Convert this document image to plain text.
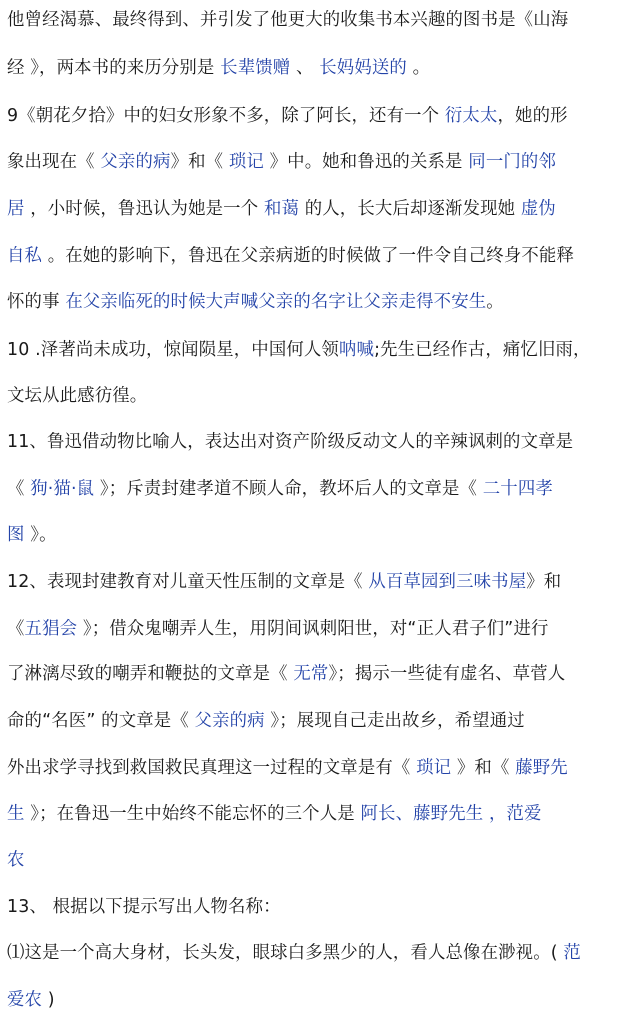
他曾经渴慕、最终得到、并引发了他更大的收集书本兴趣的图书是《山海
经 》，两本书的来历分别是 长辈馈赠 、 长妈妈送的 。
9《朝花夕拾》中的妇女形象不多，除了阿长，还有一个 衍太太，她的形
象出现在《 父亲的病》和《 琐记 》中。她和鲁迅的关系是 同一门的邻
居 ，小时候，鲁迅认为她是一个 和蔼 的人，长大后却逐渐发现她 虚伪
自私 。在她的影响下，鲁迅在父亲病逝的时候做了一件令自己终身不能释
怀的事 在父亲临死的时候大声喊父亲的名字让父亲走得不安生。
10 .泽著尚未成功，惊闻陨星，中国何人领呐喊;先生已经作古，痛忆旧雨，
文坛从此感彷徨。
11、鲁迅借动物比喻人，表达出对资产阶级反动文人的辛辣讽刺的文章是
《 狗·猫·鼠 》；斥责封建孝道不顾人命，教坏后人的文章是《 二十四孝
图 》。
12、表现封建教育对儿童天性压制的文章是《 从百草园到三味书屋》和
《五猖会 》；借众鬼嘲弄人生，用阴间讽刺阳世，对“正人君子们”进行
了淋漓尽致的嘲弄和鞭挞的文章是《 无常》；揭示一些徒有虚名、草菅人
命的“名医” 的文章是《 父亲的病 》；展现自己走出故乡，希望通过
外出求学寻找到救国救民真理这一过程的文章是有《 琐记 》和《 藤野先
生 》；在鲁迅一生中始终不能忘怀的三个人是 阿长、藤野先生 ，范爱
农
13、 根据以下提示写出人物名称：
⑴这是一个高大身材，长头发，眼球白多黑少的人，看人总像在渺视。( 范
爱农 )
